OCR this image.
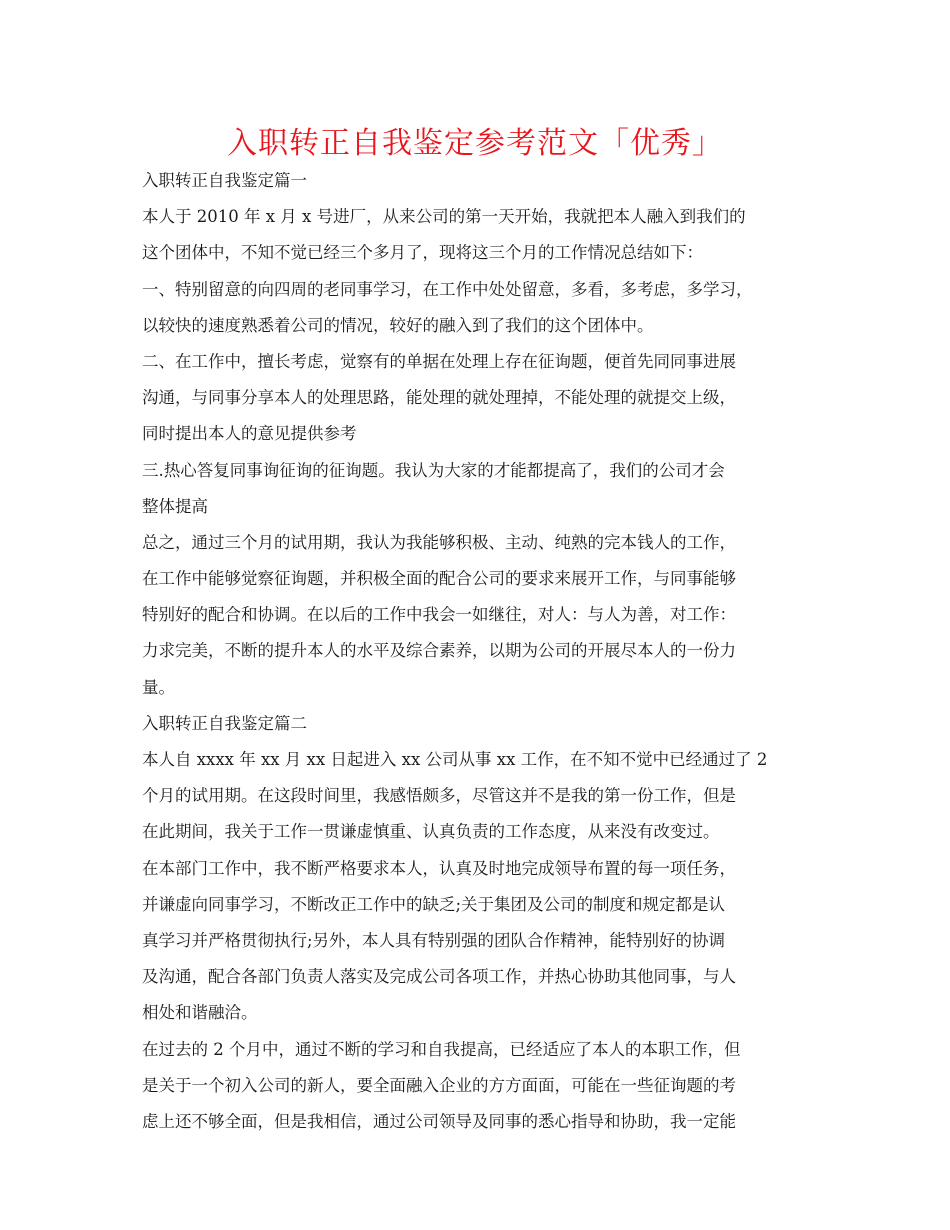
入职转正自我鉴定参考范文「优秀」
入职转正自我鉴定篇一
本人于 2010 年 x 月 x 号进厂，从来公司的第一天开始，我就把本人融入到我们的
这个团体中，不知不觉已经三个多月了，现将这三个月的工作情况总结如下：
一、特别留意的向四周的老同事学习，在工作中处处留意，多看，多考虑，多学习，
以较快的速度熟悉着公司的情况，较好的融入到了我们的这个团体中。
二、在工作中，擅长考虑，觉察有的单据在处理上存在征询题，便首先同同事进展
沟通，与同事分享本人的处理思路，能处理的就处理掉，不能处理的就提交上级，
同时提出本人的意见提供参考
三.热心答复同事询征询的征询题。我认为大家的才能都提高了，我们的公司才会
整体提高
总之，通过三个月的试用期，我认为我能够积极、主动、纯熟的完本钱人的工作，
在工作中能够觉察征询题，并积极全面的配合公司的要求来展开工作，与同事能够
特别好的配合和协调。在以后的工作中我会一如继往，对人：与人为善，对工作：
力求完美，不断的提升本人的水平及综合素养，以期为公司的开展尽本人的一份力
量。
入职转正自我鉴定篇二
本人自 xxxx 年 xx 月 xx 日起进入 xx 公司从事 xx 工作，在不知不觉中已经通过了 2
个月的试用期。在这段时间里，我感悟颇多，尽管这并不是我的第一份工作，但是
在此期间，我关于工作一贯谦虚慎重、认真负责的工作态度，从来没有改变过。
在本部门工作中，我不断严格要求本人，认真及时地完成领导布置的每一项任务，
并谦虚向同事学习，不断改正工作中的缺乏;关于集团及公司的制度和规定都是认
真学习并严格贯彻执行;另外，本人具有特别强的团队合作精神，能特别好的协调
及沟通，配合各部门负责人落实及完成公司各项工作，并热心协助其他同事，与人
相处和谐融洽。
在过去的 2 个月中，通过不断的学习和自我提高，已经适应了本人的本职工作，但
是关于一个初入公司的新人，要全面融入企业的方方面面，可能在一些征询题的考
虑上还不够全面，但是我相信，通过公司领导及同事的悉心指导和协助，我一定能
